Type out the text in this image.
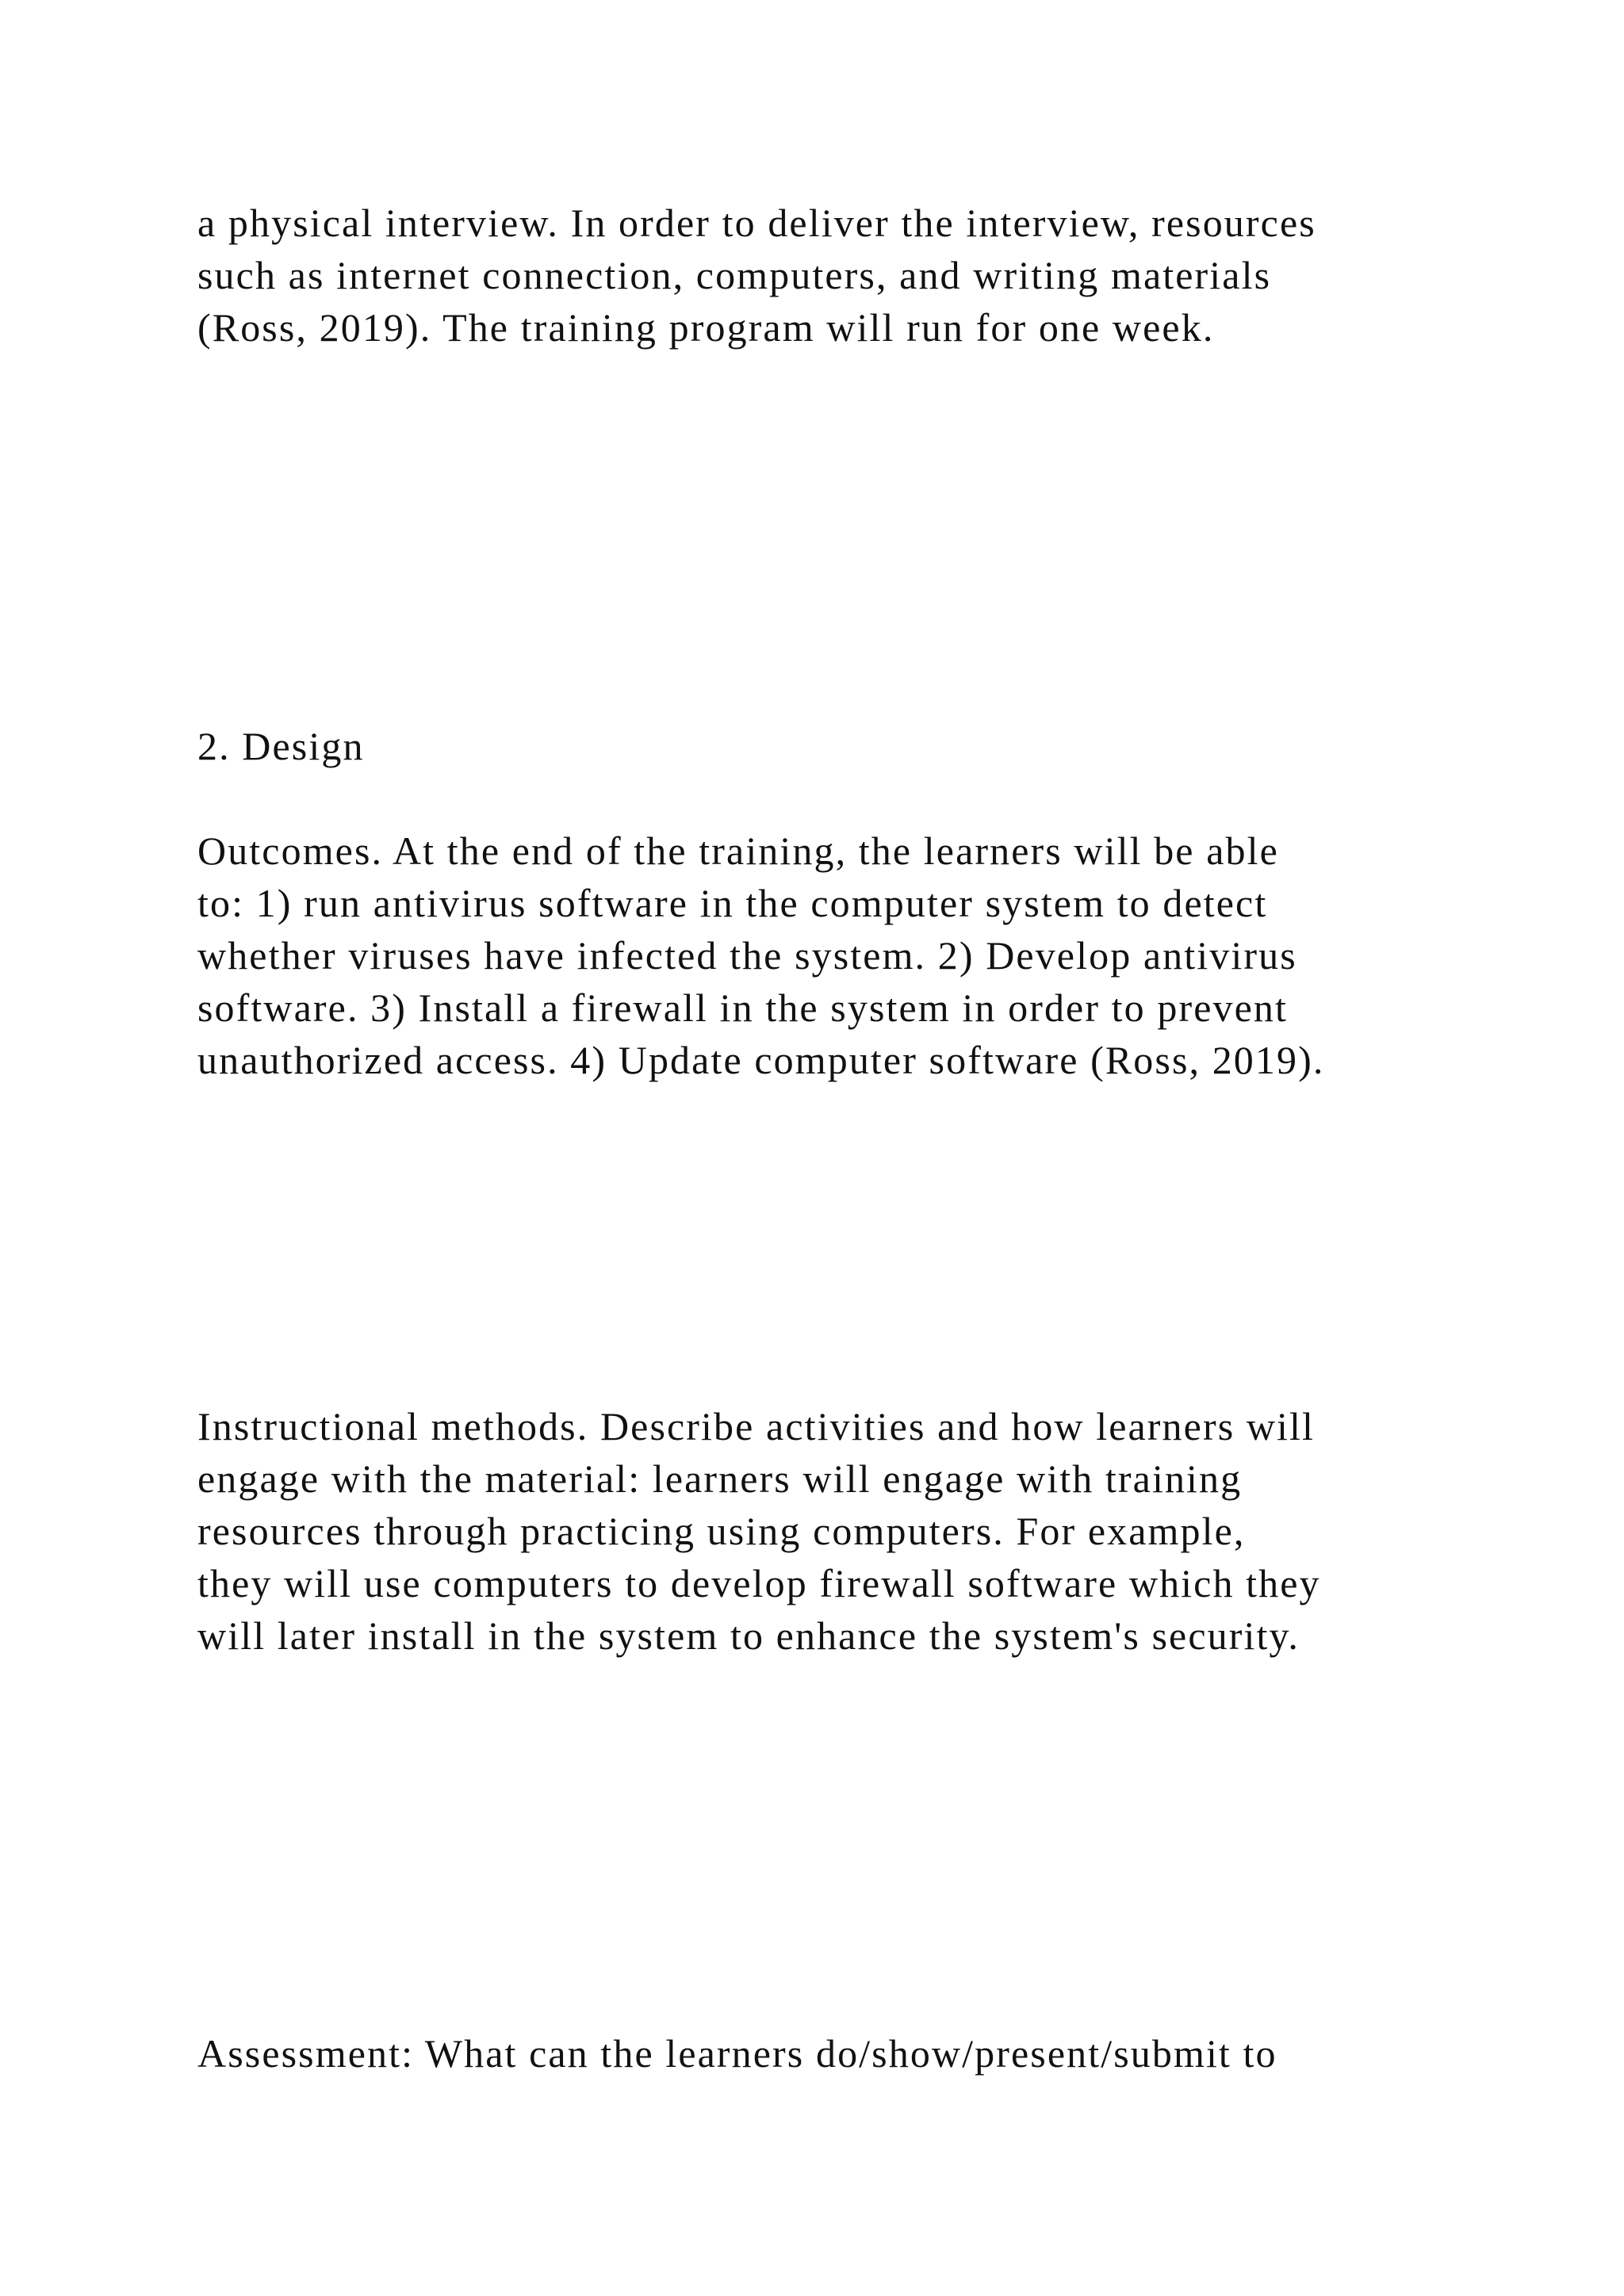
a physical interview. In order to deliver the interview, resources

such as internet connection, computers, and writing materials

(Ross, 2019). The training program will run for one week.

2. Design

Outcomes. At the end of the training, the learners will be able

to: 1) run antivirus software in the computer system to detect

whether viruses have infected the system. 2) Develop antivirus

software. 3) Install a firewall in the system in order to prevent

unauthorized access. 4) Update computer software (Ross, 2019).

Instructional methods. Describe activities and how learners will

engage with the material: learners will engage with training

resources through practicing using computers. For example,

they will use computers to develop firewall software which they

will later install in the system to enhance the system's security.

Assessment: What can the learners do/show/present/submit to
